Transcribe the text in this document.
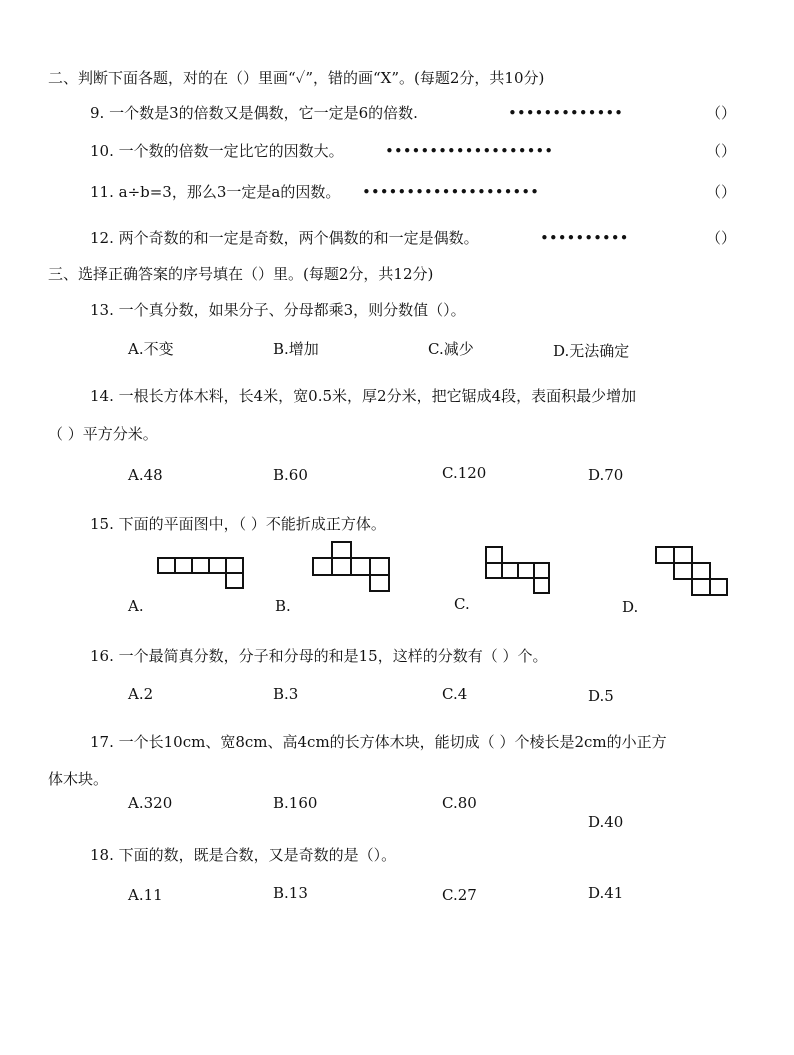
二、判断下面各题，对的在（）里画“✓”，错的画“X”。(每题2分，共10分)
9. 一个数是3的倍数又是偶数，它一定是6的倍数.	•••••••••••••	（）
10. 一个数的倍数一定比它的因数大。	•••••••••••••••••••	（）
11. a÷b=3，那么3一定是a的因数。 ••••••••••••••••••••	（）
12. 两个奇数的和一定是奇数，两个偶数的和一定是偶数。	••••••••••	（）
三、选择正确答案的序号填在（）里。(每题2分，共12分)
13. 一个真分数，如果分子、分母都乘3，则分数值（）。
A.不变	B.增加	C.减少	D.无法确定
14. 一根长方体木料，长4米，宽0.5米，厚2分米，把它锯成4段，表面积最少增加
（ ）平方分米。
A.48	B.60	C.120	D.70
15. 下面的平面图中，（ ）不能折成正方体。
A.	B.	C.	D.
16. 一个最简真分数，分子和分母的和是15，这样的分数有（ ）个。
A.2	B.3	C.4	D.5
17. 一个长10cm、宽8cm、高4cm的长方体木块，能切成（ ）个棱长是2cm的小正方
体木块。
A.320	B.160	C.80
D.40
18. 下面的数，既是合数，又是奇数的是（）。
A.11	B.13	C.27	D.41
